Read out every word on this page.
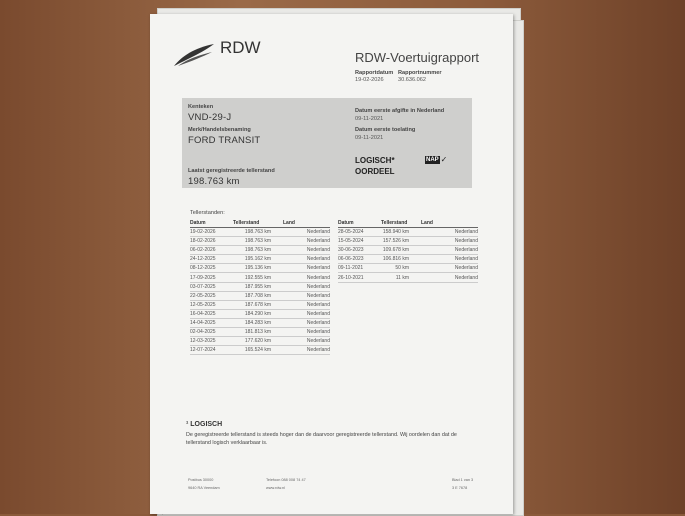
RDW
RDW-Voertuigrapport
Rapportdatum
19-02-2026
Rapportnummer
30.636.062
Kenteken
VND-29-J
Merk/Handelsbenaming
FORD TRANSIT
Laatst geregistreerde tellerstand
198.763 km
Datum eerste afgifte in Nederland
09-11-2021
Datum eerste toelating
09-11-2021
LOGISCH*
OORDEEL
NAP ✓
Tellerstanden:
Datum	Tellerstand	Land
19-02-2026	198.763 km	Nederland
18-02-2026	198.763 km	Nederland
06-02-2026	198.763 km	Nederland
24-12-2025	195.162 km	Nederland
08-12-2025	195.136 km	Nederland
17-09-2025	192.555 km	Nederland
03-07-2025	187.955 km	Nederland
22-05-2025	187.708 km	Nederland
12-05-2025	187.678 km	Nederland
16-04-2025	184.290 km	Nederland
14-04-2025	184.283 km	Nederland
02-04-2025	181.813 km	Nederland
12-03-2025	177.620 km	Nederland
12-07-2024	165.524 km	Nederland
Datum	Tellerstand	Land
28-05-2024	158.940 km	Nederland
15-05-2024	157.526 km	Nederland
30-06-2023	109.678 km	Nederland
06-06-2023	106.816 km	Nederland
09-11-2021	50 km	Nederland
26-10-2021	11 km	Nederland
¹ LOGISCH
De geregistreerde tellerstand is steeds hoger dan de daarvoor geregistreerde tellerstand. Wij oordelen dan dat de tellerstand logisch verklaarbaar is.
Postbus 30000
9640 RA Veendam
Telefoon 088 008 74 47
www.rdw.nl
Blad 1 van 3
3 E 7678
